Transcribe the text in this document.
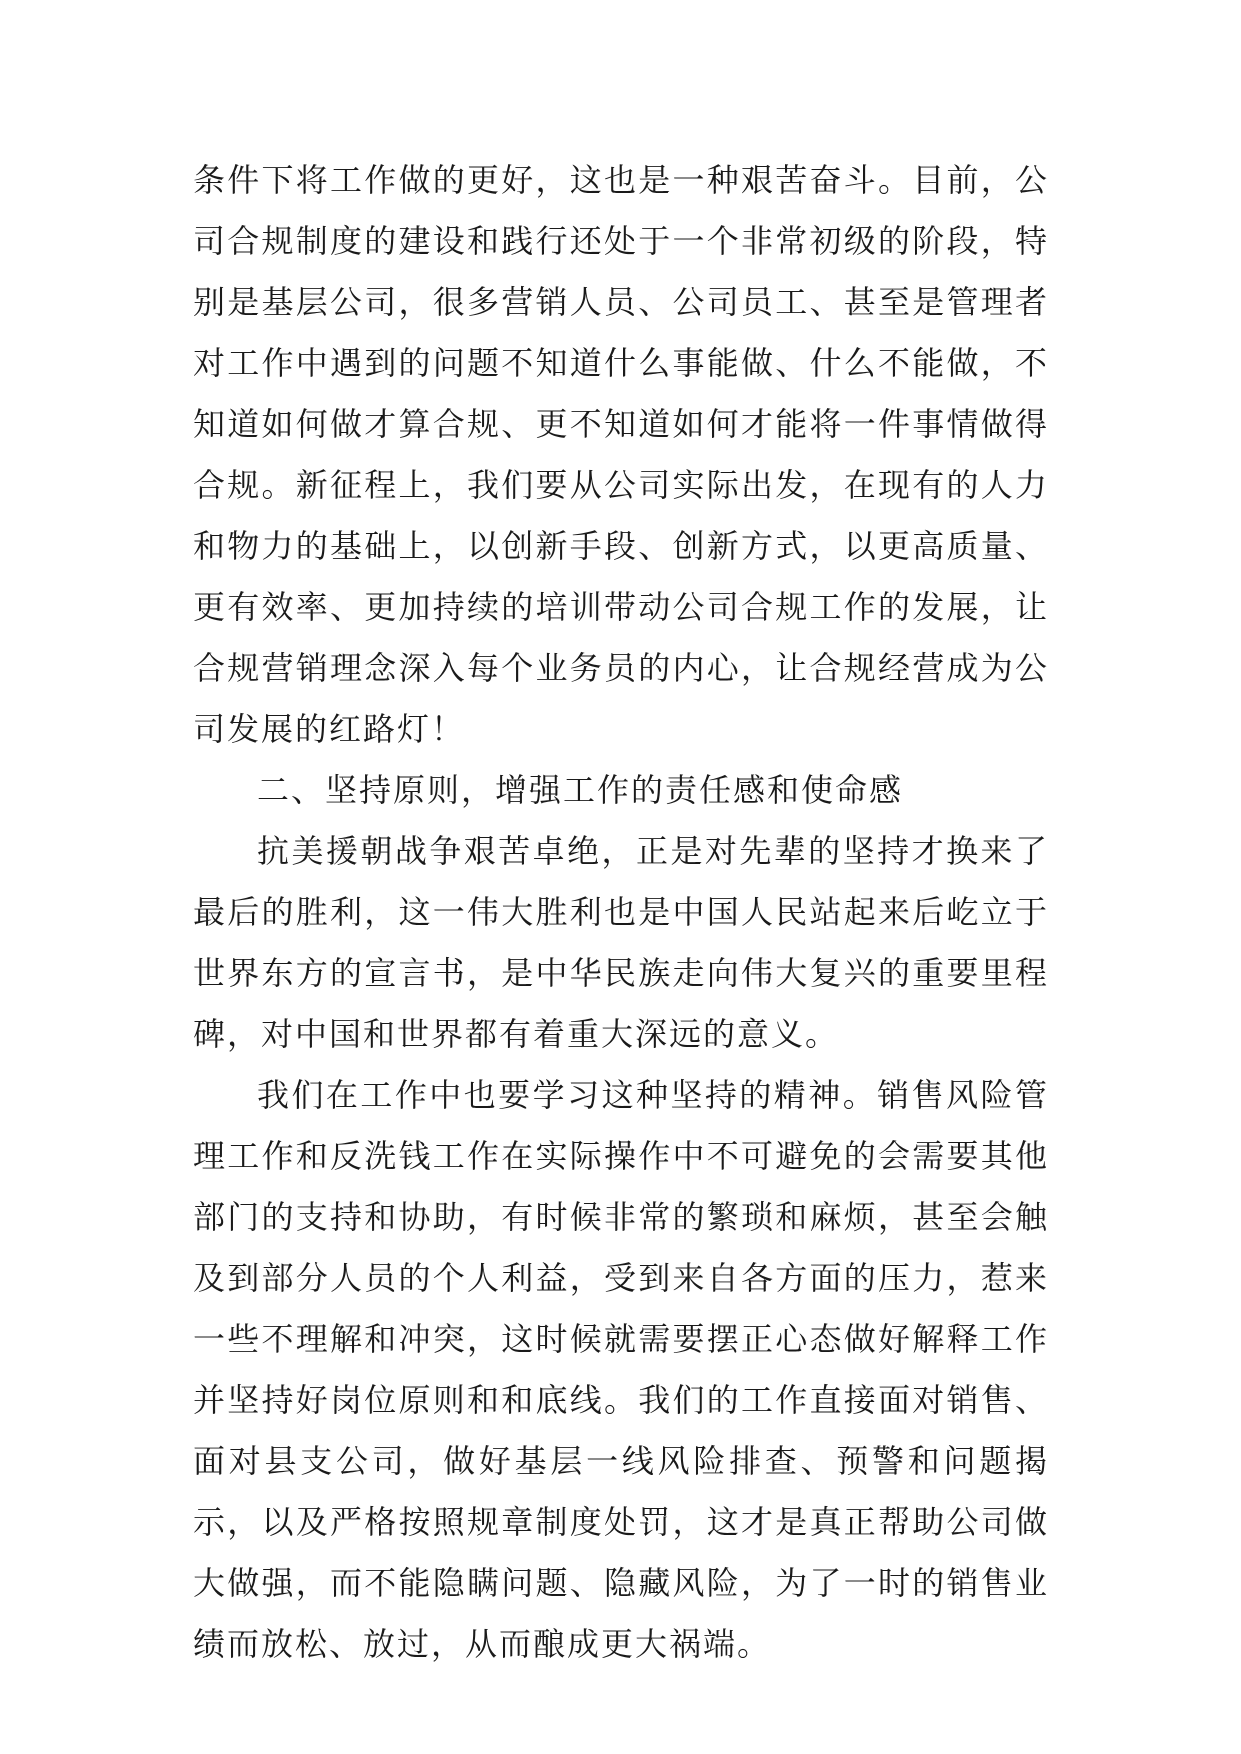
条件下将工作做的更好，这也是一种艰苦奋斗。目前，公司合规制度的建设和践行还处于一个非常初级的阶段，特别是基层公司，很多营销人员、公司员工、甚至是管理者对工作中遇到的问题不知道什么事能做、什么不能做，不知道如何做才算合规、更不知道如何才能将一件事情做得合规。新征程上，我们要从公司实际出发，在现有的人力和物力的基础上，以创新手段、创新方式，以更高质量、更有效率、更加持续的培训带动公司合规工作的发展，让合规营销理念深入每个业务员的内心，让合规经营成为公司发展的红路灯！

二、坚持原则，增强工作的责任感和使命感

抗美援朝战争艰苦卓绝，正是对先辈的坚持才换来了最后的胜利，这一伟大胜利也是中国人民站起来后屹立于世界东方的宣言书，是中华民族走向伟大复兴的重要里程碑，对中国和世界都有着重大深远的意义。

我们在工作中也要学习这种坚持的精神。销售风险管理工作和反洗钱工作在实际操作中不可避免的会需要其他部门的支持和协助，有时候非常的繁琐和麻烦，甚至会触及到部分人员的个人利益，受到来自各方面的压力，惹来一些不理解和冲突，这时候就需要摆正心态做好解释工作并坚持好岗位原则和和底线。我们的工作直接面对销售、面对县支公司，做好基层一线风险排查、预警和问题揭示，以及严格按照规章制度处罚，这才是真正帮助公司做大做强，而不能隐瞒问题、隐藏风险，为了一时的销售业绩而放松、放过，从而酿成更大祸端。
